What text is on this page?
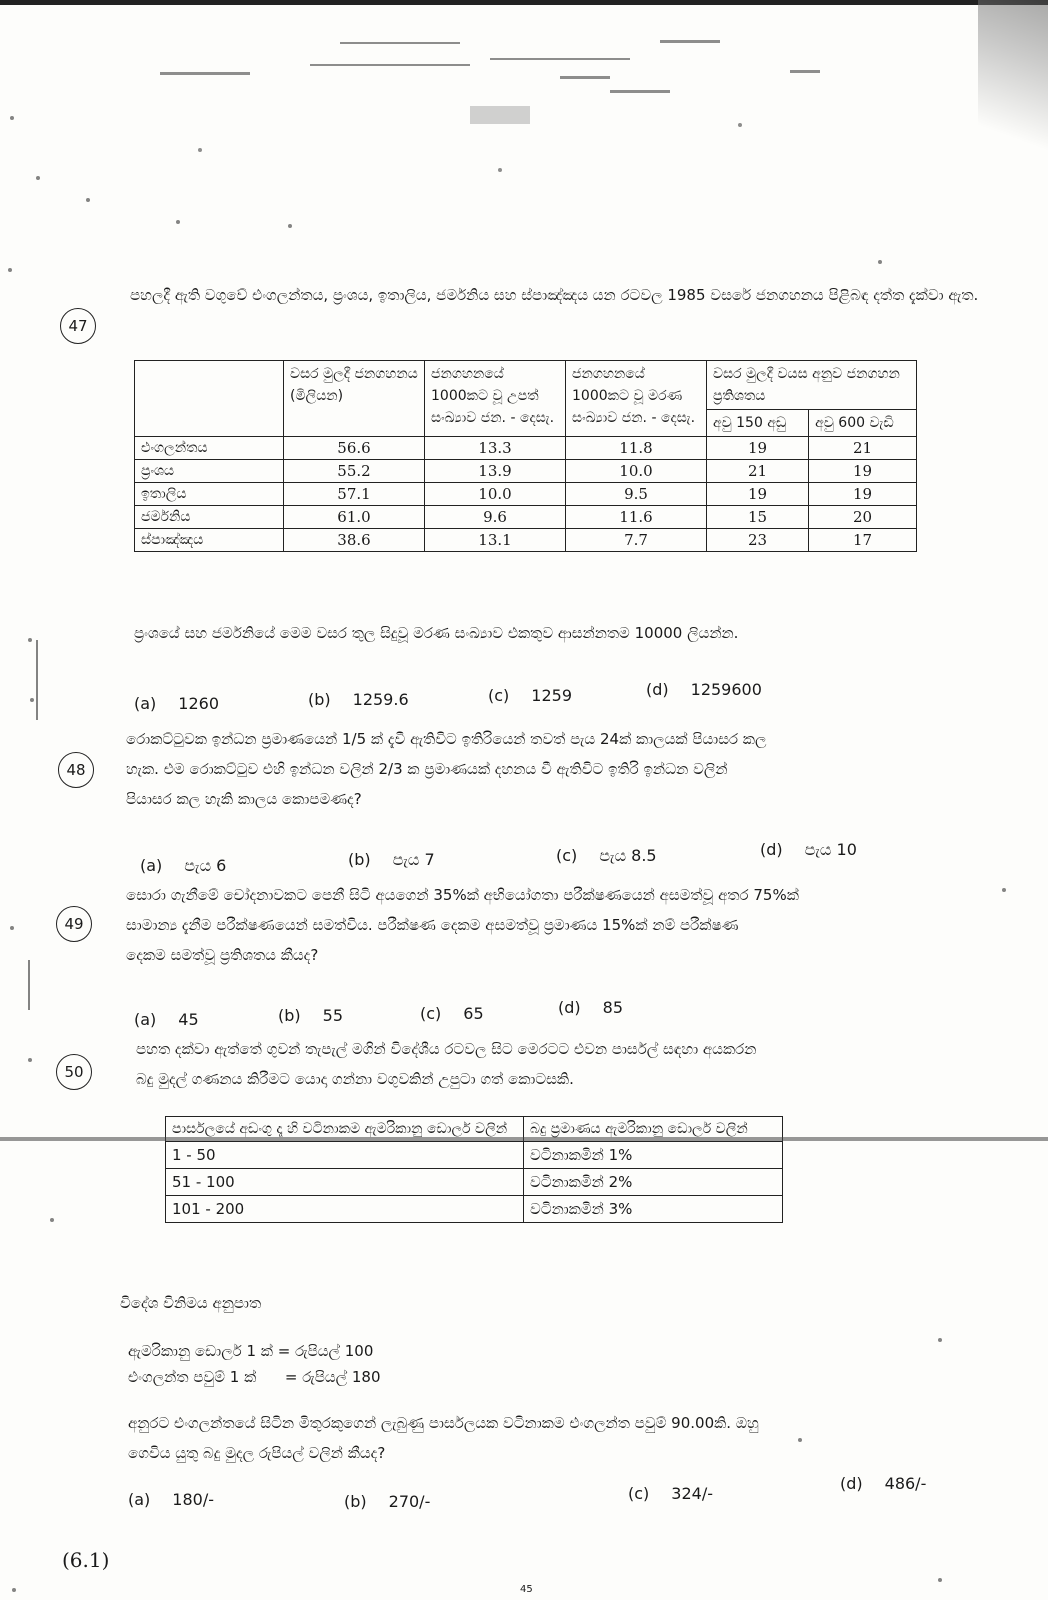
47
පහලදී ඇති වගුවේ එංගලන්තය, ප්‍රංශය, ඉතාලිය, ජර්මනිය සහ ස්පාඤ්ඤය යන රටවල 1985 වසරේ ජනගහනය පිළිබඳ දත්ත දැක්වා ඇත.
	වසර මුලදී ජනගහනය (මිලියන)	ජනගහනයේ 1000කට වූ උපත් සංඛ්‍යාව ජන. - දෙසැ.	ජනගහනයේ 1000කට වූ මරණ සංඛ්‍යාව ජන. - දෙසැ.	වසර මුලදී වයස අනුව ජනගහන ප්‍රතිශතය	
				අවු 150 අඩු	අවු 600 වැඩි
එංගලන්තය	56.6	13.3	11.8	19	21
ප්‍රංශය	55.2	13.9	10.0	21	19
ඉතාලිය	57.1	10.0	9.5	19	19
ජර්මනිය	61.0	9.6	11.6	15	20
ස්පාඤ්ඤය	38.6	13.1	7.7	23	17
ප්‍රංශයේ සහ ජර්මනියේ මෙම වසර තුල සිදුවූ මරණ සංඛ්‍යාව එකතුව ආසන්නතම 10000 ලියන්න.
(a) 1260	(b) 1259.6	(c) 1259	(d) 1259600
48
රොකට්ටුවක ඉන්ධන ප්‍රමාණයෙන් 1/5 ක් දැවී ඇතිවිට ඉතිරියෙන් තවත් පැය 24ක් කාලයක් පියාසර කල
හැක. එම රොකට්ටුව එහි ඉන්ධන වලින් 2/3 ක ප්‍රමාණයක් දහනය වී ඇතිවිට ඉතිරි ඉන්ධන වලින්
පියාසර කල හැකි කාලය කොපමණද?
(a) පැය 6	(b) පැය 7	(c) පැය 8.5	(d) පැය 10
49
සොරා ගැනීමේ චෝදනාවකට පෙනී සිටි අයගෙන් 35%ක් අභියෝගතා පරීක්ෂණයෙන් අසමත්වූ අතර 75%ක්
සාමාන්‍ය දැනීම පරීක්ෂණයෙන් සමත්විය. පරීක්ෂණ දෙකම අසමත්වූ ප්‍රමාණය 15%ක් නම් පරීක්ෂණ
දෙකම සමත්වූ ප්‍රතිශතය කීයද?
(a) 45	(b) 55	(c) 65	(d) 85
50
පහත දක්වා ඇත්තේ ගුවන් තැපැල් මගින් විදේශීය රටවල සිට මෙරටට එවන පාර්සල් සඳහා අයකරන
බදු මුදල් ගණනය කිරීමට යොදා ගන්නා වගුවකින් උපුටා ගත් කොටසකි.
පාර්සලයේ අඩංගු දෑ හි වටිනාකම ඇමරිකානු ඩොලර් වලින්	බදු ප්‍රමාණය ඇමරිකානු ඩොලර් වලින්
1 - 50	වටිනාකමින් 1%
51 - 100	වටිනාකමින් 2%
101 - 200	වටිනාකමින් 3%
විදේශ විනිමය අනුපාත
ඇමරිකානු ඩොලර් 1 ක් = රුපියල් 100
එංගලන්ත පවුම් 1 ක්      = රුපියල් 180
අනුරට එංගලන්තයේ සිටින මිතුරකුගෙන් ලැබුණු පාර්සලයක වටිනාකම එංගලන්ත පවුම් 90.00කි. ඔහු
ගෙවිය යුතු බදු මුදල රුපියල් වලින් කීයද?
(a) 180/-	(b) 270/-	(c) 324/-
(d) 486/-
(6.1)
45
